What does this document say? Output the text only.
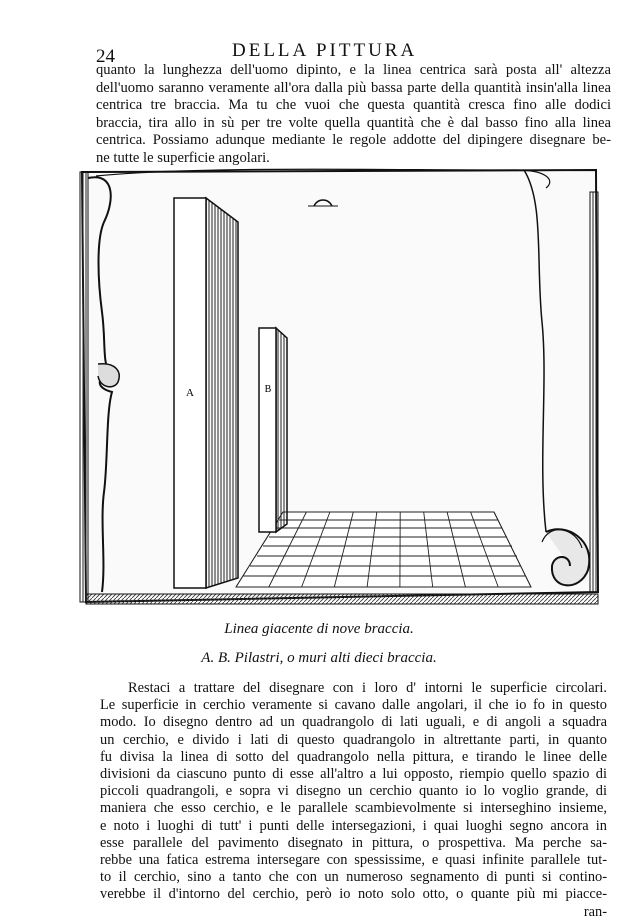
24	DELLA PITTURA
quanto la lunghezza dell'uomo dipinto, e la linea centrica sarà posta all' altezza
dell'uomo saranno veramente all'ora dalla più bassa parte della quantità insin'alla linea
centrica tre braccia. Ma tu che vuoi che questa quantità cresca fino alle dodici
braccia, tira allo in sù per tre volte quella quantità che è dal basso fino alla linea
centrica. Possiamo adunque mediante le regole addotte del dipingere disegnare be-
ne tutte le superficie angolari.
A	B
Linea giacente di nove braccia.
A. B. Pilastri, o muri alti dieci braccia.
Restaci a trattare del disegnare con i loro d' intorni le superficie circolari.
Le superficie in cerchio veramente si cavano dalle angolari, il che io fo in questo
modo. Io disegno dentro ad un quadrangolo di lati uguali, e di angoli a squadra
un cerchio, e divido i lati di questo quadrangolo in altrettante parti, in quanto
fu divisa la linea di sotto del quadrangolo nella pittura, e tirando le linee delle
divisioni da ciascuno punto di esse all'altro a lui opposto, riempio quello spazio di
piccoli quadrangoli, e sopra vi disegno un cerchio quanto io lo voglio grande, di
maniera che esso cerchio, e le parallele scambievolmente si interseghino insieme,
e noto i luoghi di tutt' i punti delle intersegazioni, i quai luoghi segno ancora in
esse parallele del pavimento disegnato in pittura, o prospettiva. Ma perche sa-
rebbe una fatica estrema intersegare con spessissime, e quasi infinite parallele tut-
to il cerchio, sino a tanto che con un numeroso segnamento di punti si contino-
verebbe il d'intorno del cerchio, però io noto solo otto, o quante più mi piacce-
ran-
